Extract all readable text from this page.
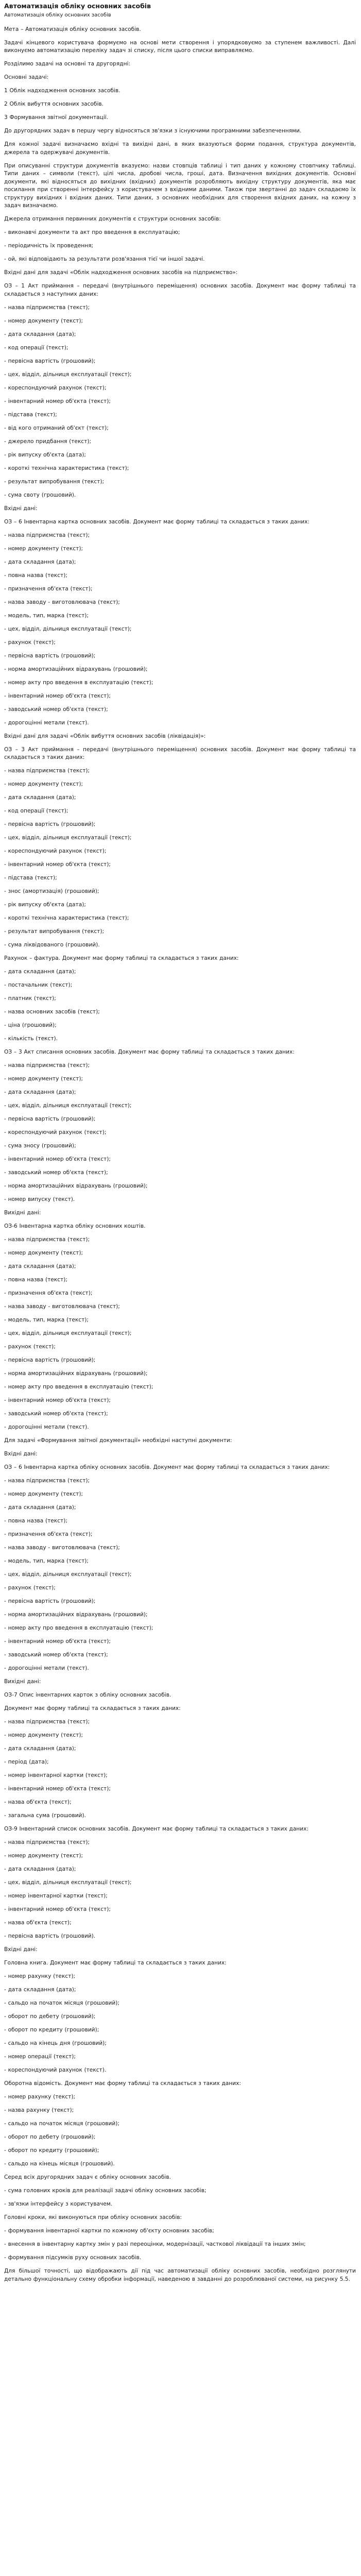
Автоматизація обліку основних засобів
Автоматизація обліку основних засобів

Мета – Автоматизація обліку основних засобів.

Задачі кінцевого користувача формуємо на основі мети створення і упорядковуємо за ступенем важливості. Далі виконуємо автоматизацію переліку задач зі списку, після цього списки виправляємо.

Розділимо задачі на основні та другорядні:

Основні задачі:

1 Облік надходження основних засобів.

2 Облік вибуття основних засобів.

3 Формування звітної документації.

До другорядних задач в першу чергу відносяться зв'язки з існуючими програмними забезпеченнями.

Для кожної задачі визначаємо вхідні та вихідні дані, в яких вказуються форми подання, структура документів, джерела та одержувачі документів.

При описуванні структури документів вказуємо: назви стовпців таблиці і тип даних у кожному стовпчику таблиці. Типи даних – символи (текст), цілі числа, дробові числа, гроші, дата. Визначення вихідних документів. Основні документи, які відносяться до вихідних (вхідних) документів розробляють вихідну структуру документів, яка має посилання при створенні інтерфейсу з користувачем з вхідними даними. Також при звертанні до задач складаємо їх структуру вихідних і вхідних даних. Типи даних, з основних необхідних для створення вхідних даних, на кожну з задач визначаємо.

Джерела отримання первинних документів є структури основних засобів:

- виконавчі документи та акт про введення в експлуатацію;

- періодичність їх проведення;

- ой, які відповідають за результати розв'язання тієї чи іншої задачі.

Вхідні дані для задачі «Облік надходження основних засобів на підприємство»:

ОЗ – 1 Акт приймання – передачі (внутрішнього переміщення) основних засобів. Документ має форму таблиці та складається з наступних даних:

- назва підприємства (текст);

- номер документу (текст);

- дата складання (дата);

- код операції (текст);

- первісна вартість (грошовий);

- цех, відділ, дільниця експлуатації (текст);

- кореспондуючий рахунок (текст);

- інвентарний номер об'єкта (текст);

- підстава (текст);

- від кого отриманий об'єкт (текст);

- джерело придбання (текст);

- рік випуску об'єкта (дата);

- короткі технічна характеристика (текст);

- результат випробування (текст);

- сума своту (грошовий).

Вхідні дані:

ОЗ – 6 Інвентарна картка основних засобів. Документ має форму таблиці та складається з таких даних:

- назва підприємства (текст);

- номер документу (текст);

- дата складання (дата);

- повна назва (текст);

- призначення об'єкта (текст);

- назва заводу - виготовлювача (текст);

- модель, тип, марка (текст);

- цех, відділ, дільниця експлуатації (текст);

- рахунок (текст);

- первісна вартість (грошовий);

- норма амортизаційних відрахувань (грошовий);

- номер акту про введення в експлуатацію (текст);

- інвентарний номер об'єкта (текст);

- заводський номер об'єкта (текст);

- дорогоцінні метали (текст).

Вхідні дані для задачі «Облік вибуття основних засобів (ліквідація)»:

ОЗ – 3 Акт приймання – передачі (внутрішнього переміщення) основних засобів. Документ має форму таблиці та складається з таких даних:

- назва підприємства (текст);

- номер документу (текст);

- дата складання (дата);

- код операції (текст);

- первісна вартість (грошовий);

- цех, відділ, дільниця експлуатації (текст);

- кореспондуючий рахунок (текст);

- інвентарний номер об'єкта (текст);

- підстава (текст);

- знос (амортизація) (грошовий);

- рік випуску об'єкта (дата);

- короткі технічна характеристика (текст);

- результат випробування (текст);

- сума ліквідованого (грошовий).

Рахунок – фактура. Документ має форму таблиці та складається з таких даних:

- дата складання (дата);

- постачальник (текст);

- платник (текст);

- назва основних засобів (текст);

- ціна (грошовий);

- кількість (текст).

ОЗ – 3 Акт списання основних засобів. Документ має форму таблиці та складається з таких даних:

- назва підприємства (текст);

- номер документу (текст);

- дата складання (дата);

- цех, відділ, дільниця експлуатації (текст);

- первісна вартість (грошовий);

- кореспондуючий рахунок (текст);

- сума зносу (грошовий);

- інвентарний номер об'єкта (текст);

- заводський номер об'єкта (текст);

- норма амортизаційних відрахувань (грошовий);

- номер випуску (текст).

Вихідні дані:

ОЗ-6 Інвентарна картка обліку основних коштів.

- назва підприємства (текст);

- номер документу (текст);

- дата складання (дата);

- повна назва (текст);

- призначення об'єкта (текст);

- назва заводу - виготовлювача (текст);

- модель, тип, марка (текст);

- цех, відділ, дільниця експлуатації (текст);

- рахунок (текст);

- первісна вартість (грошовий);

- норма амортизаційних відрахувань (грошовий);

- номер акту про введення в експлуатацію (текст);

- інвентарний номер об'єкта (текст);

- заводський номер об'єкта (текст);

- дорогоцінні метали (текст).

Для задачі «Формування звітної документації» необхідні наступні документи:

Вхідні дані:

ОЗ – 6 Інвентарна картка обліку основних засобів. Документ має форму таблиці та складається з таких даних:

- назва підприємства (текст);

- номер документу (текст);

- дата складання (дата);

- повна назва (текст);

- призначення об'єкта (текст);

- назва заводу - виготовлювача (текст);

- модель, тип, марка (текст);

- цех, відділ, дільниця експлуатації (текст);

- рахунок (текст);

- первісна вартість (грошовий);

- норма амортизаційних відрахувань (грошовий);

- номер акту про введення в експлуатацію (текст);

- інвентарний номер об'єкта (текст);

- заводський номер об'єкта (текст);

- дорогоцінні метали (текст).

Вихідні дані:

ОЗ-7 Опис інвентарних карток з обліку основних засобів.

Документ має форму таблиці та складається з таких даних:

- назва підприємства (текст);

- номер документу (текст);

- дата складання (дата);

- період (дата);

- номер інвентарної картки (текст);

- інвентарний номер об'єкта (текст);

- назва об'єкта (текст);

- загальна сума (грошовий).

ОЗ-9 Інвентарний список основних засобів. Документ має форму таблиці та складається з таких даних:

- назва підприємства (текст);

- номер документу (текст);

- дата складання (дата);

- цех, відділ, дільниця експлуатації (текст);

- номер інвентарної картки (текст);

- інвентарний номер об'єкта (текст);

- назва об'єкта (текст);

- первісна вартість (грошовий).

Вхідні дані:

Головна книга. Документ має форму таблиці та складається з таких даних:

- номер рахунку (текст);

- дата складання (дата);

- сальдо на початок місяця (грошовий);

- оборот по дебету (грошовий);

- оборот по кредиту (грошовий);

- сальдо на кінець дня (грошовий);

- номер операції (текст);

- кореспондуючий рахунок (текст).

Оборотна відомість. Документ має форму таблиці та складається з таких даних:

- номер рахунку (текст);

- назва рахунку (текст);

- сальдо на початок місяця (грошовий);

- оборот по дебету (грошовий);

- оборот по кредиту (грошовий);

- сальдо на кінець місяця (грошовий).

Серед всіх другорядних задач є обліку основних засобів.

- сума головних кроків для реалізації задачі обліку основних засобів;

- зв'язки інтерфейсу з користувачем.

Головні кроки, які виконуються при обліку основних засобів:

- формування інвентарної картки по кожному об'єкту основних засобів;

- внесення в інвентарну картку змін у разі переоцінки, модернізації, часткової ліквідації та інших змін;

- формування підсумків руху основних засобів.

Для більшої точності, що відображають дії під час автоматизації обліку основних засобів, необхідно розглянути детально функціональну схему обробки інформації, наведеною в завданні до розроблюваної системи, на рисунку 5.5.
